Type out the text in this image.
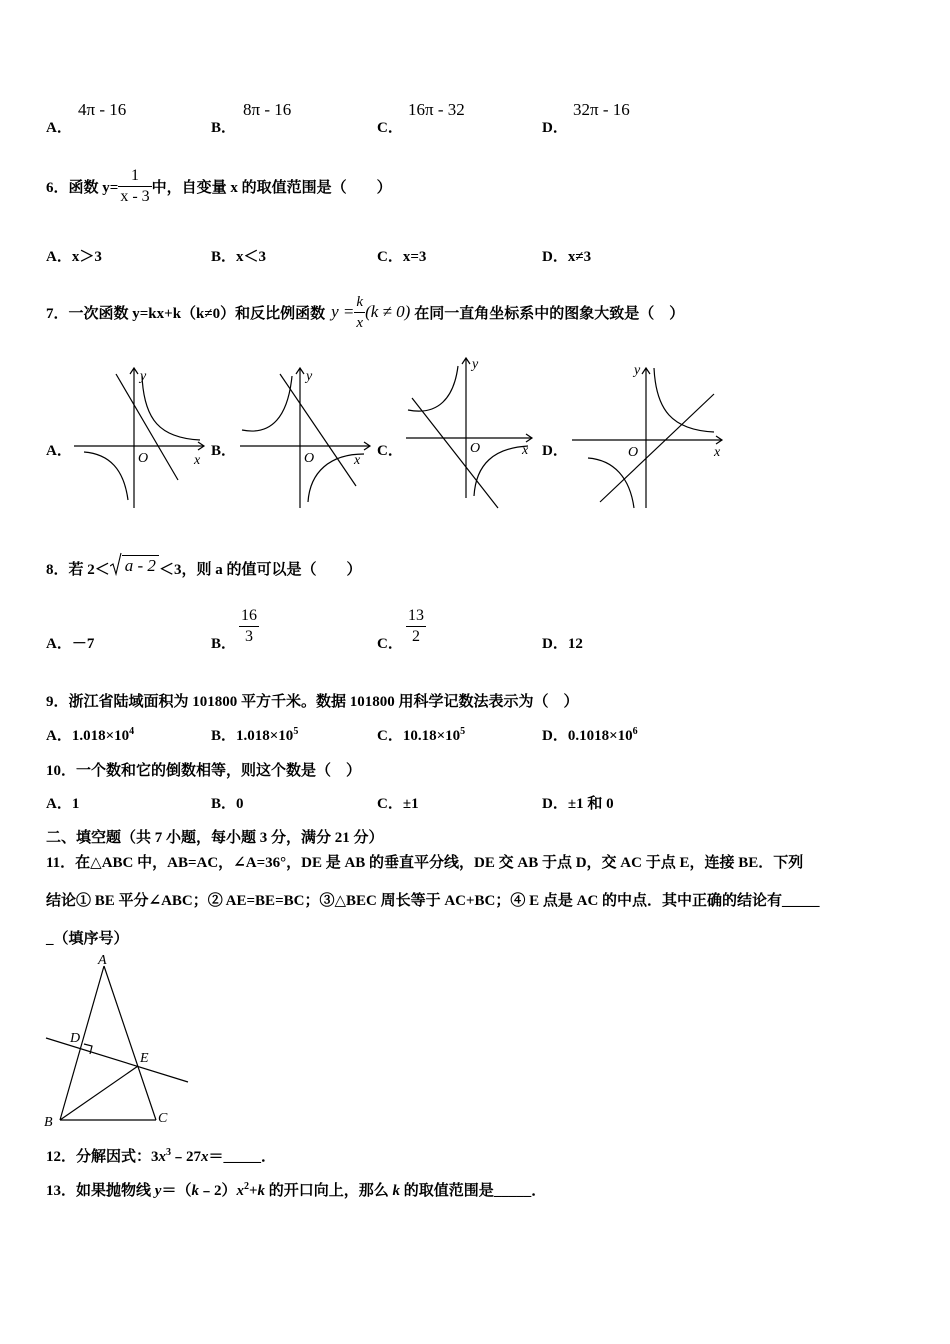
A．
4π - 16
B．
8π - 16
C．
16π - 32
D．
32π - 16
6．函数 $y= \frac{1}{x - 3}$ 中，自变量 x 的取值范围是（　　）
A．x＞3	B．x＜3	C．x=3	D．x≠3
7．一次函数 y=kx+k（k≠0）和反比例函数 $y = \frac{k}{x} (k \ne 0)$ 在同一直角坐标系中的图象大致是（　）
A．	B．	C．	D．
y
x
O
y
x
O
y
x
O
y
x
O
8．若 2＜ a - 2 ＜3，则 a 的值可以是（　　）
A．－7	B． $\frac{16}{3}$	C． $\frac{13}{2}$	D．12
9．浙江省陆域面积为 101800 平方千米。数据 101800 用科学记数法表示为（　）
A．$1.018\times 10^4$	B．$1.018\times 10^5$	C．$10.18\times 10^5$	D．$0.1018\times 10^6$
10．一个数和它的倒数相等，则这个数是（　）
A．1	B．0	C．±1	D．±1 和 0
二、填空题（共 7 小题，每小题 3 分，满分 21 分）
11．在△ABC 中，AB=AC，∠A=36°，DE 是 AB 的垂直平分线，DE 交 AB 于点 D，交 AC 于点 E，连接 BE．下列
结论① BE 平分∠ABC；② AE=BE=BC；③△BEC 周长等于 AC+BC；④ E 点是 AC 的中点．其中正确的结论有_____
_（填序号）
A
B	C
D
E
12．分解因式：$3x^3﹣27x=\_\_\_\_\_$．
13．如果抛物线 $y=(k﹣2)x^2+k$ 的开口向上，那么 k 的取值范围是_____．
